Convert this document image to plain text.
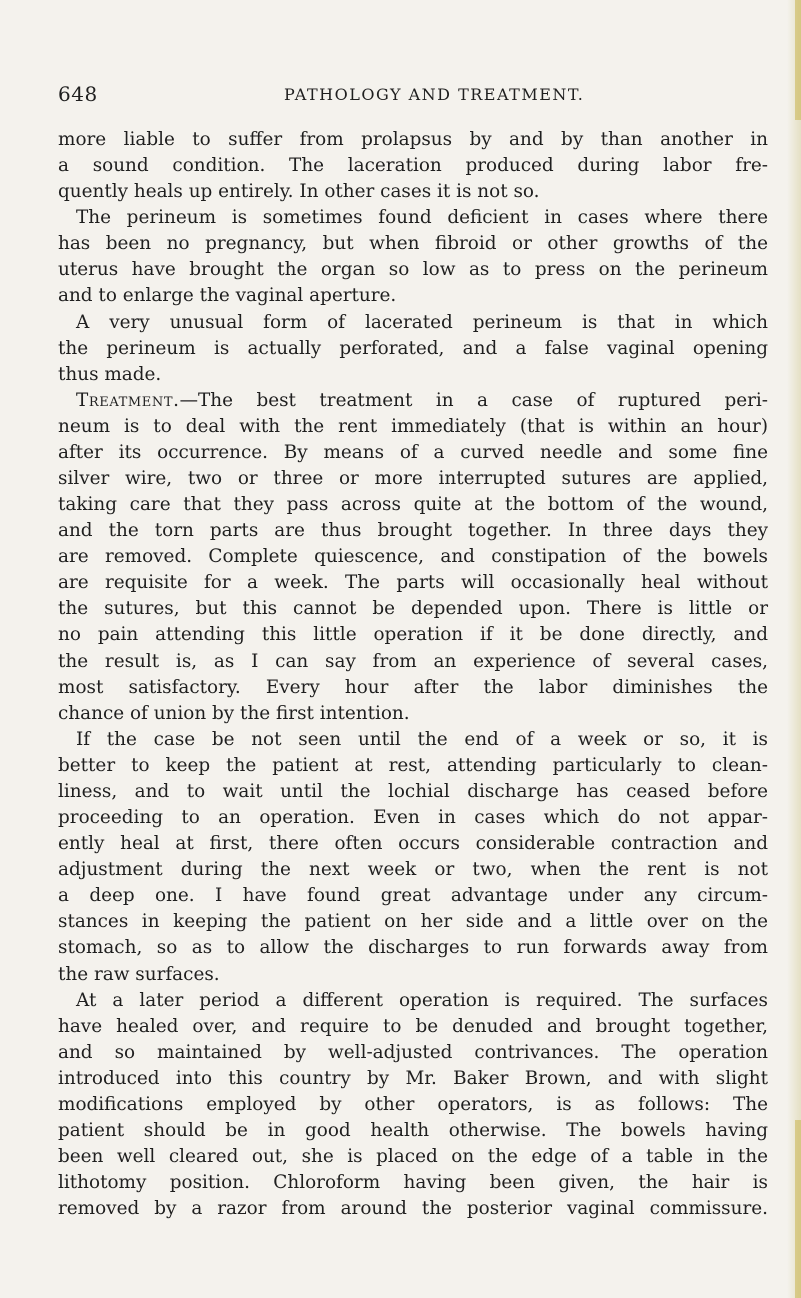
648	PATHOLOGY AND TREATMENT.
more liable to suffer from prolapsus by and by than another in
a sound condition. The laceration produced during labor fre-
quently heals up entirely. In other cases it is not so.
The perineum is sometimes found deficient in cases where there
has been no pregnancy, but when fibroid or other growths of the
uterus have brought the organ so low as to press on the perineum
and to enlarge the vaginal aperture.
A very unusual form of lacerated perineum is that in which
the perineum is actually perforated, and a false vaginal opening
thus made.
Treatment.—The best treatment in a case of ruptured peri-
neum is to deal with the rent immediately (that is within an hour)
after its occurrence. By means of a curved needle and some fine
silver wire, two or three or more interrupted sutures are applied,
taking care that they pass across quite at the bottom of the wound,
and the torn parts are thus brought together. In three days they
are removed. Complete quiescence, and constipation of the bowels
are requisite for a week. The parts will occasionally heal without
the sutures, but this cannot be depended upon. There is little or
no pain attending this little operation if it be done directly, and
the result is, as I can say from an experience of several cases,
most satisfactory. Every hour after the labor diminishes the
chance of union by the first intention.
If the case be not seen until the end of a week or so, it is
better to keep the patient at rest, attending particularly to clean-
liness, and to wait until the lochial discharge has ceased before
proceeding to an operation. Even in cases which do not appar-
ently heal at first, there often occurs considerable contraction and
adjustment during the next week or two, when the rent is not
a deep one. I have found great advantage under any circum-
stances in keeping the patient on her side and a little over on the
stomach, so as to allow the discharges to run forwards away from
the raw surfaces.
At a later period a different operation is required. The surfaces
have healed over, and require to be denuded and brought together,
and so maintained by well-adjusted contrivances. The operation
introduced into this country by Mr. Baker Brown, and with slight
modifications employed by other operators, is as follows: The
patient should be in good health otherwise. The bowels having
been well cleared out, she is placed on the edge of a table in the
lithotomy position. Chloroform having been given, the hair is
removed by a razor from around the posterior vaginal commissure.
